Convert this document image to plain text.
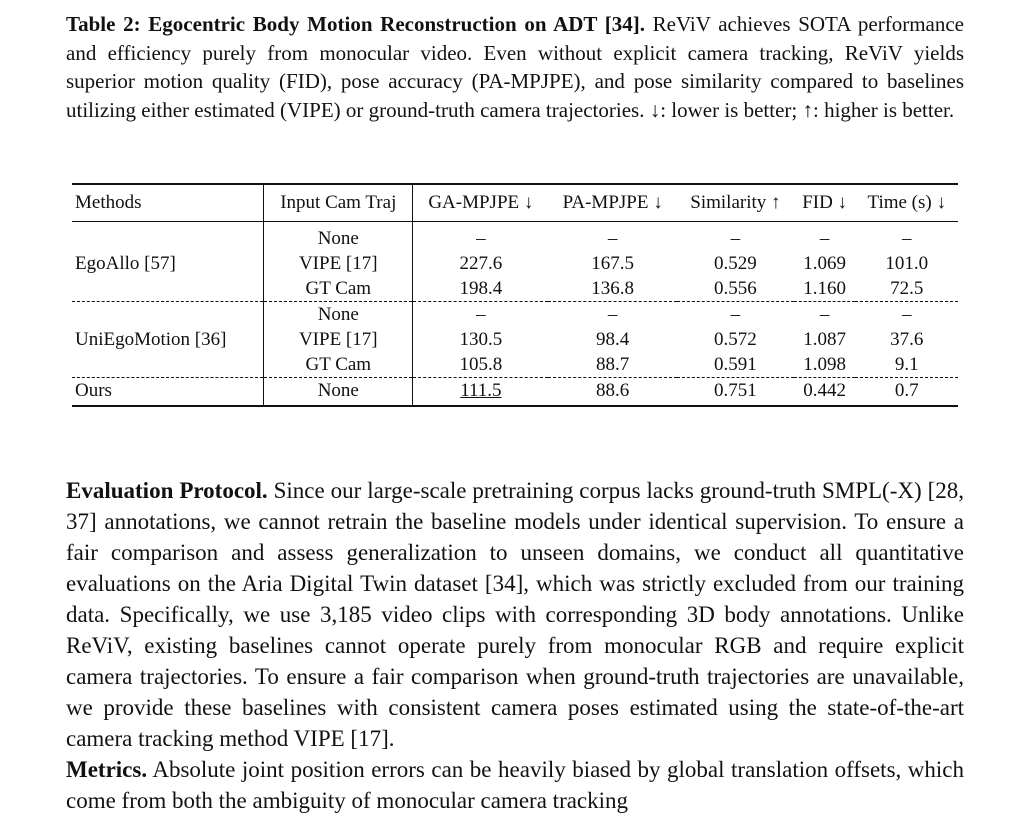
Table 2: Egocentric Body Motion Reconstruction on ADT [34]. ReViV achieves SOTA performance and efficiency purely from monocular video. Even without explicit camera tracking, ReViV yields superior motion quality (FID), pose accuracy (PA-MPJPE), and pose similarity compared to baselines utilizing either estimated (VIPE) or ground-truth camera trajectories. ↓: lower is better; ↑: higher is better.
Methods	Input Cam Traj	GA-MPJPE ↓	PA-MPJPE ↓	Similarity ↑	FID ↓	Time (s) ↓
EgoAllo [57]	None	–	–	–	–	–
	VIPE [17]	227.6	167.5	0.529	1.069	101.0
	GT Cam	198.4	136.8	0.556	1.160	72.5
UniEgoMotion [36]	None	–	–	–	–	–
	VIPE [17]	130.5	98.4	0.572	1.087	37.6
	GT Cam	105.8	88.7	0.591	1.098	9.1
Ours	None	111.5	88.6	0.751	0.442	0.7

Evaluation Protocol. Since our large-scale pretraining corpus lacks ground-truth SMPL(-X) [28, 37] annotations, we cannot retrain the baseline models under identical supervision. To ensure a fair comparison and assess generalization to unseen domains, we conduct all quantitative evaluations on the Aria Digital Twin dataset [34], which was strictly excluded from our training data. Specifically, we use 3,185 video clips with corresponding 3D body annotations. Unlike ReViV, existing baselines cannot operate purely from monocular RGB and require explicit camera trajectories. To ensure a fair comparison when ground-truth trajectories are unavailable, we provide these baselines with consistent camera poses estimated using the state-of-the-art camera tracking method VIPE [17].

Metrics. Absolute joint position errors can be heavily biased by global translation offsets, which come from both the ambiguity of monocular camera tracking
